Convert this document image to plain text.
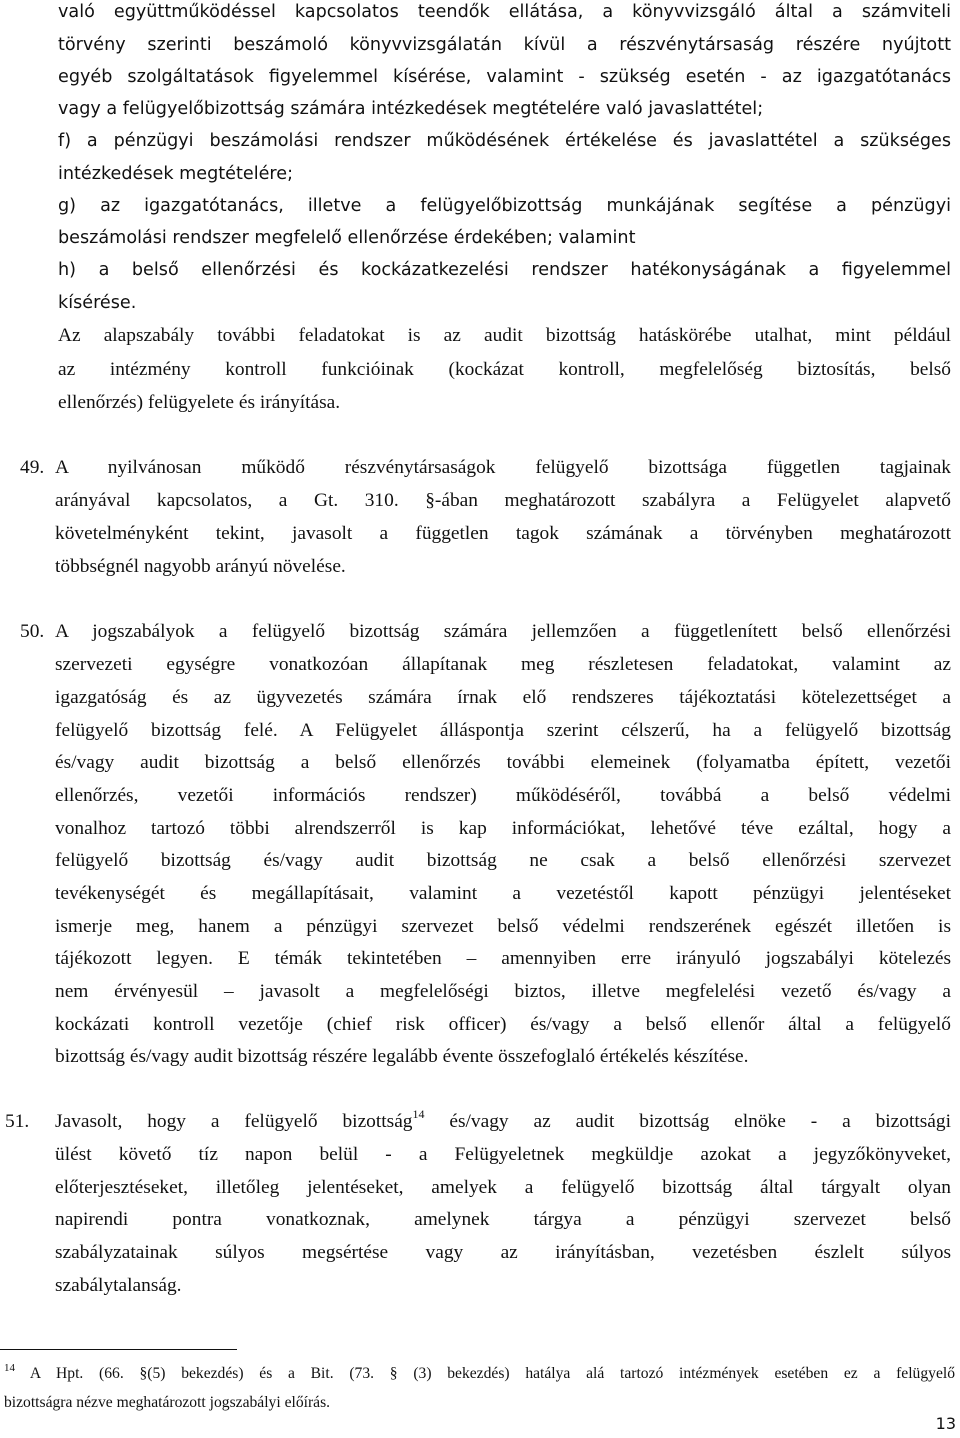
való együttműködéssel kapcsolatos teendők ellátása, a könyvvizsgáló által a számviteli
törvény szerinti beszámoló könyvvizsgálatán kívül a részvénytársaság részére nyújtott
egyéb szolgáltatások figyelemmel kísérése, valamint - szükség esetén - az igazgatótanács
vagy a felügyelőbizottság számára intézkedések megtételére való javaslattétel;
f) a pénzügyi beszámolási rendszer működésének értékelése és javaslattétel a szükséges
intézkedések megtételére;
g) az igazgatótanács, illetve a felügyelőbizottság munkájának segítése a pénzügyi
beszámolási rendszer megfelelő ellenőrzése érdekében; valamint
h) a belső ellenőrzési és kockázatkezelési rendszer hatékonyságának a figyelemmel
kísérése.
Az alapszabály további feladatokat is az audit bizottság hatáskörébe utalhat, mint például
az intézmény kontroll funkcióinak (kockázat kontroll, megfelelőség biztosítás, belső
ellenőrzés) felügyelete és irányítása.
49. A nyilvánosan működő részvénytársaságok felügyelő bizottsága független tagjainak
arányával kapcsolatos, a Gt. 310. §-ában meghatározott szabályra a Felügyelet alapvető
követelményként tekint, javasolt a független tagok számának a törvényben meghatározott
többségnél nagyobb arányú növelése.
50. A jogszabályok a felügyelő bizottság számára jellemzően a függetlenített belső ellenőrzési
szervezeti egységre vonatkozóan állapítanak meg részletesen feladatokat, valamint az
igazgatóság és az ügyvezetés számára írnak elő rendszeres tájékoztatási kötelezettséget a
felügyelő bizottság felé. A Felügyelet álláspontja szerint célszerű, ha a felügyelő bizottság
és/vagy audit bizottság a belső ellenőrzés további elemeinek (folyamatba épített, vezetői
ellenőrzés, vezetői információs rendszer) működéséről, továbbá a belső védelmi
vonalhoz tartozó többi alrendszerről is kap információkat, lehetővé téve ezáltal, hogy a
felügyelő bizottság és/vagy audit bizottság ne csak a belső ellenőrzési szervezet
tevékenységét és megállapításait, valamint a vezetéstől kapott pénzügyi jelentéseket
ismerje meg, hanem a pénzügyi szervezet belső védelmi rendszerének egészét illetően is
tájékozott legyen. E témák tekintetében – amennyiben erre irányuló jogszabályi kötelezés
nem érvényesül – javasolt a megfelelőségi biztos, illetve megfelelési vezető és/vagy a
kockázati kontroll vezetője (chief risk officer) és/vagy a belső ellenőr által a felügyelő
bizottság és/vagy audit bizottság részére legalább évente összefoglaló értékelés készítése.
51. Javasolt, hogy a felügyelő bizottság$^{14}$ és/vagy az audit bizottság elnöke - a bizottsági
ülést követő tíz napon belül - a Felügyeletnek megküldje azokat a jegyzőkönyveket,
előterjesztéseket, illetőleg jelentéseket, amelyek a felügyelő bizottság által tárgyalt olyan
napirendi pontra vonatkoznak, amelynek tárgya a pénzügyi szervezet belső
szabályzatainak súlyos megsértése vagy az irányításban, vezetésben észlelt súlyos
szabálytalanság.
$^{14}$ A Hpt. (66. §(5) bekezdés) és a Bit. (73. § (3) bekezdés) hatálya alá tartozó intézmények esetében ez a felügyelő
bizottságra nézve meghatározott jogszabályi előírás.
13
